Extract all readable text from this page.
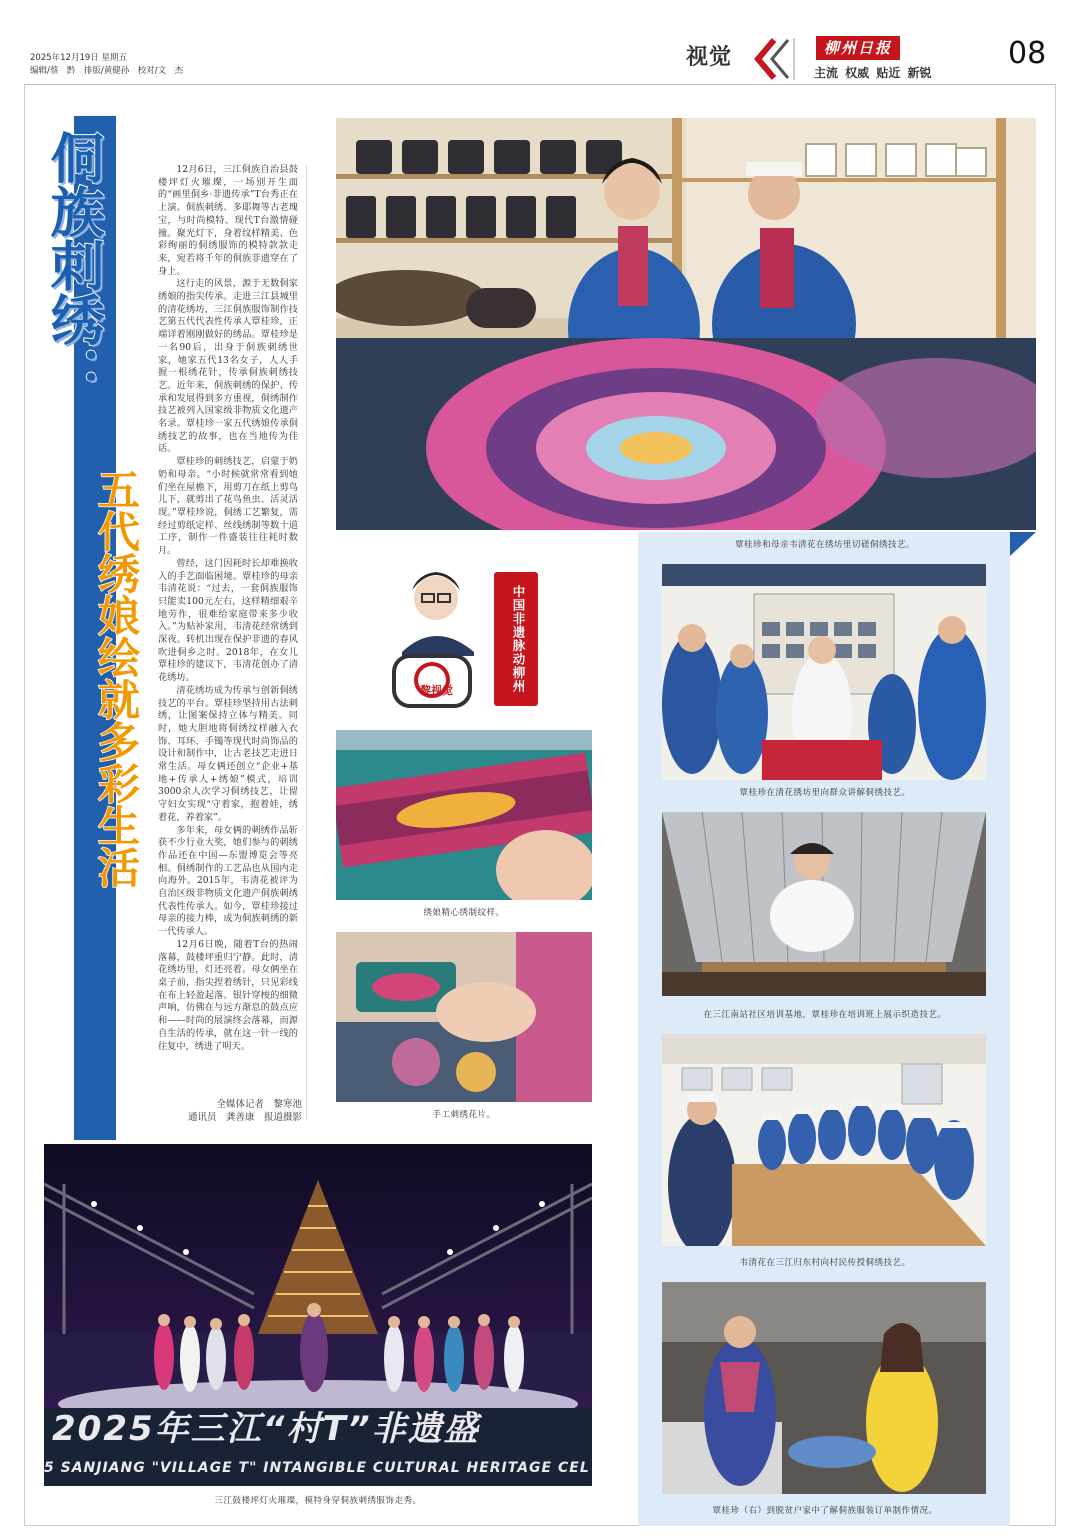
2025年12月19日 星期五
编辑/蔡　黔　排版/黄健孙　校对/文　杰
视觉	柳州日报
主流 权威 贴近 新锐
08
侗族刺绣：
五代绣娘绘就多彩生活

12月6日，三江侗族自治县鼓楼坪灯火璀璨，一场别开生面的“画里侗乡·非遗传承”T台秀正在上演。侗族刺绣、多耶舞等古老瑰宝，与时尚模特、现代T台激情碰撞。聚光灯下，身着纹样精美、色彩绚丽的侗绣服饰的模特款款走来，宛若将千年的侗族非遗穿在了身上。

这行走的风景，源于无数侗家绣娘的指尖传承。走进三江县城里的清花绣坊，三江侗族服饰制作技艺第五代代表性传承人覃桂珍，正端详着刚刚做好的绣品。覃桂珍是一名90后，出身于侗族刺绣世家，她家五代13名女子，人人手握一根绣花针，传承侗族刺绣技艺。近年来，侗族刺绣的保护、传承和发展得到多方重视，侗绣制作技艺被列入国家级非物质文化遗产名录。覃桂珍一家五代绣娘传承侗绣技艺的故事，也在当地传为佳话。

覃桂珍的刺绣技艺，启蒙于奶奶和母亲。“小时候就常常看到她们坐在屋檐下，用剪刀在纸上剪鸟儿下，就剪出了花鸟鱼虫、活灵活现。”覃桂珍说，侗绣工艺繁复，需经过剪纸定样、丝线绣制等数十道工序，制作一件盛装往往耗时数月。

曾经，这门因耗时长却难换收入的手艺面临困境。覃桂珍的母亲韦清花说：“过去，一套侗族服饰只能卖100元左右，这样精细艰辛地劳作，很难给家庭带来多少收入。”为贴补家用，韦清花经常绣到深夜。转机出现在保护非遗的春风吹进侗乡之时。2018年，在女儿覃桂珍的建议下，韦清花创办了清花绣坊。

清花绣坊成为传承与创新侗绣技艺的平台。覃桂珍坚持用古法刺绣，让图案保持立体与精美。同时，她大胆地将侗绣纹样融入衣饰、耳环、手镯等现代时尚饰品的设计和制作中，让古老技艺走进日常生活。母女俩还创立“企业+基地+传承人+绣娘”模式，培训3000余人次学习侗绣技艺，让留守妇女实现“守着家，抱着娃，绣着花，养着家”。

多年来，母女俩的刺绣作品斩获不少行业大奖，她们参与的刺绣作品还在中国—东盟博览会等亮相。侗绣制作的工艺品也从国内走向海外。2015年，韦清花被评为自治区级非物质文化遗产侗族刺绣代表性传承人。如今，覃桂珍接过母亲的接力棒，成为侗族刺绣的新一代传承人。

12月6日晚，随着T台的热闹落幕，鼓楼坪重归宁静。此时，清花绣坊里，灯还亮着。母女俩坐在桌子前，指尖捏着绣针，只见彩线在布上轻盈起落。银针穿梭的细微声响，仿佛在与远方渐息的鼓点应和——时尚的展演终会落幕，而源自生活的传承，就在这一针一线的往复中，绣进了明天。

全媒体记者　黎寒池
通讯员　龚善康　报道摄影
黎视觉	中国非遗脉动柳州
绣娘精心绣制纹样。
手工刺绣花片。
覃桂珍和母亲韦清花在绣坊里切磋侗绣技艺。
覃桂珍在清花绣坊里向群众讲解侗绣技艺。
在三江南站社区培训基地，覃桂珍在培训班上展示织造技艺。
韦清花在三江归东村向村民传授侗绣技艺。
覃桂珍（右）到脱贫户家中了解侗族服装订单制作情况。
2025年三江“村T”非遗盛
5 SANJIANG "VILLAGE T" INTANGIBLE CULTURAL HERITAGE CEL
三江鼓楼坪灯火璀璨，模特身穿侗族刺绣服饰走秀。
